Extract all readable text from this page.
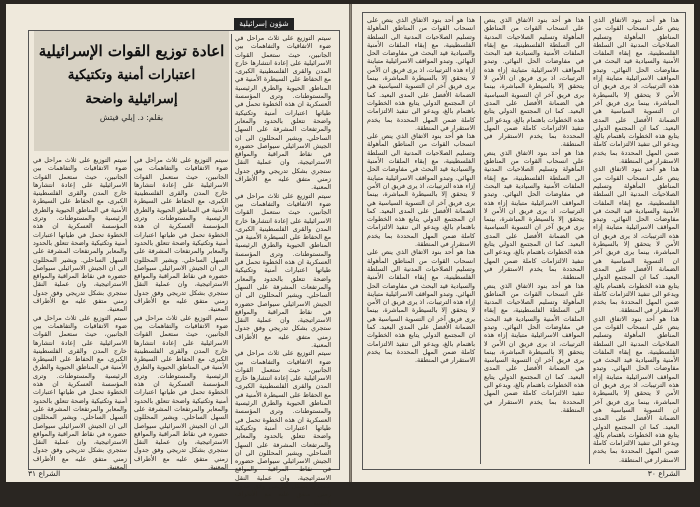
شؤون إسرائيلية
اعادة توزيع القوات الإسرائيلية
اعتبارات أمنية وتكتيكية
إسرائيلية واضحة
بقلم: د. إيلي فيتش

سيتم التوزيع على ثلاث مراحل في ضوء الاتفاقيات والتفاهمات بين الجانبين، حيث ستعمل القوات الاسرائيلية على إعادة انتشارها خارج المدن والقرى الفلسطينية الكبرى، مع الحفاظ على السيطرة الأمنية في المناطق الحيوية والطرق الرئيسية والمستوطنات. وترى المؤسسة العسكرية ان هذه الخطوة تحمل في طياتها اعتبارات أمنية وتكتيكية واضحة تتعلق بالحدود والمعابر والمرتفعات المشرفة على السهل الساحلي. ويشير المحللون الى ان الجيش الاسرائيلي سيواصل حضوره في نقاط المراقبة والمواقع الاستراتيجية، وان عملية النقل ستجري بشكل تدريجي وفق جدول زمني متفق عليه مع الأطراف المعنية.

سيتم التوزيع على ثلاث مراحل في ضوء الاتفاقيات والتفاهمات بين الجانبين، حيث ستعمل القوات الاسرائيلية على إعادة انتشارها خارج المدن والقرى الفلسطينية الكبرى، مع الحفاظ على السيطرة الأمنية في المناطق الحيوية والطرق الرئيسية والمستوطنات. وترى المؤسسة العسكرية ان هذه الخطوة تحمل في طياتها اعتبارات أمنية وتكتيكية واضحة تتعلق بالحدود والمعابر والمرتفعات المشرفة على السهل الساحلي. ويشير المحللون الى ان الجيش الاسرائيلي سيواصل حضوره في نقاط المراقبة والمواقع الاستراتيجية، وان عملية النقل ستجري بشكل تدريجي وفق جدول زمني متفق عليه مع الأطراف المعنية.

سيتم التوزيع على ثلاث مراحل في ضوء الاتفاقيات والتفاهمات بين الجانبين، حيث ستعمل القوات الاسرائيلية على إعادة انتشارها خارج المدن والقرى الفلسطينية الكبرى، مع الحفاظ على السيطرة الأمنية في المناطق الحيوية والطرق الرئيسية والمستوطنات. وترى المؤسسة العسكرية ان هذه الخطوة تحمل في طياتها اعتبارات أمنية وتكتيكية واضحة تتعلق بالحدود والمعابر والمرتفعات المشرفة على السهل الساحلي. ويشير المحللون الى ان الجيش الاسرائيلي سيواصل حضوره في نقاط المراقبة والمواقع الاستراتيجية، وان عملية النقل ستجري بشكل تدريجي وفق جدول زمني متفق عليه مع الأطراف المعنية.

سيتم التوزيع على ثلاث مراحل في ضوء الاتفاقيات والتفاهمات بين الجانبين، حيث ستعمل القوات الاسرائيلية على إعادة انتشارها خارج المدن والقرى الفلسطينية الكبرى، مع الحفاظ على السيطرة الأمنية في المناطق الحيوية والطرق الرئيسية والمستوطنات. وترى المؤسسة العسكرية ان هذه الخطوة تحمل في طياتها اعتبارات أمنية وتكتيكية واضحة تتعلق بالحدود والمعابر والمرتفعات المشرفة على السهل الساحلي. ويشير المحللون الى ان الجيش الاسرائيلي سيواصل حضوره في نقاط المراقبة والمواقع الاستراتيجية، وان عملية النقل ستجري بشكل تدريجي وفق جدول زمني متفق عليه مع الأطراف المعنية.

سيتم التوزيع على ثلاث مراحل في ضوء الاتفاقيات والتفاهمات بين الجانبين، حيث ستعمل القوات الاسرائيلية على إعادة انتشارها خارج المدن والقرى الفلسطينية الكبرى، مع الحفاظ على السيطرة الأمنية في المناطق الحيوية والطرق الرئيسية والمستوطنات. وترى المؤسسة العسكرية ان هذه الخطوة تحمل في طياتها اعتبارات أمنية وتكتيكية واضحة تتعلق بالحدود والمعابر والمرتفعات المشرفة على السهل الساحلي. ويشير المحللون الى ان الجيش الاسرائيلي سيواصل حضوره في نقاط المراقبة والمواقع الاستراتيجية، وان عملية النقل ستجري بشكل تدريجي وفق جدول زمني متفق عليه مع الأطراف المعنية.

سيتم التوزيع على ثلاث مراحل في ضوء الاتفاقيات والتفاهمات بين الجانبين، حيث ستعمل القوات الاسرائيلية على إعادة انتشارها خارج المدن والقرى الفلسطينية الكبرى، مع الحفاظ على السيطرة الأمنية في المناطق الحيوية والطرق الرئيسية والمستوطنات. وترى المؤسسة العسكرية ان هذه الخطوة تحمل في طياتها اعتبارات أمنية وتكتيكية واضحة تتعلق بالحدود والمعابر والمرتفعات المشرفة على السهل الساحلي. ويشير المحللون الى ان الجيش الاسرائيلي سيواصل حضوره في نقاط المراقبة والمواقع الاستراتيجية، وان عملية النقل ستجري بشكل تدريجي وفق جدول زمني متفق عليه مع الأطراف المعنية.

سيتم التوزيع على ثلاث مراحل في ضوء الاتفاقيات والتفاهمات بين الجانبين، حيث ستعمل القوات الاسرائيلية على إعادة انتشارها خارج المدن والقرى الفلسطينية الكبرى، مع الحفاظ على السيطرة الأمنية في المناطق الحيوية والطرق الرئيسية والمستوطنات. وترى المؤسسة العسكرية ان هذه الخطوة تحمل في طياتها اعتبارات أمنية وتكتيكية واضحة تتعلق بالحدود والمعابر والمرتفعات المشرفة على السهل الساحلي. ويشير المحللون الى ان الجيش الاسرائيلي سيواصل حضوره في نقاط المراقبة والمواقع الاستراتيجية، وان عملية النقل ستجري بشكل تدريجي وفق جدول زمني متفق عليه مع الأطراف المعنية.

الشراع ٣١

هذا هو أحد بنود الاتفاق الذي ينص على انسحاب القوات من المناطق المأهولة وتسليم الصلاحيات المدنية الى السلطة الفلسطينية، مع إبقاء الملفات الأمنية والسيادية قيد البحث في مفاوضات الحل النهائي. وتبدو المواقف الاسرائيلية متباينة إزاء هذه الترتيبات، اذ يرى فريق ان الأمن لا يتحقق إلا بالسيطرة المباشرة، بينما يرى فريق آخر ان التسوية السياسية هي الضمانة الأفضل على المدى البعيد. كما ان المجتمع الدولي يتابع هذه الخطوات باهتمام بالغ، ويدعو الى تنفيذ الالتزامات كاملة ضمن المهل المحددة بما يخدم الاستقرار في المنطقة.

هذا هو أحد بنود الاتفاق الذي ينص على انسحاب القوات من المناطق المأهولة وتسليم الصلاحيات المدنية الى السلطة الفلسطينية، مع إبقاء الملفات الأمنية والسيادية قيد البحث في مفاوضات الحل النهائي. وتبدو المواقف الاسرائيلية متباينة إزاء هذه الترتيبات، اذ يرى فريق ان الأمن لا يتحقق إلا بالسيطرة المباشرة، بينما يرى فريق آخر ان التسوية السياسية هي الضمانة الأفضل على المدى البعيد. كما ان المجتمع الدولي يتابع هذه الخطوات باهتمام بالغ، ويدعو الى تنفيذ الالتزامات كاملة ضمن المهل المحددة بما يخدم الاستقرار في المنطقة.

هذا هو أحد بنود الاتفاق الذي ينص على انسحاب القوات من المناطق المأهولة وتسليم الصلاحيات المدنية الى السلطة الفلسطينية، مع إبقاء الملفات الأمنية والسيادية قيد البحث في مفاوضات الحل النهائي. وتبدو المواقف الاسرائيلية متباينة إزاء هذه الترتيبات، اذ يرى فريق ان الأمن لا يتحقق إلا بالسيطرة المباشرة، بينما يرى فريق آخر ان التسوية السياسية هي الضمانة الأفضل على المدى البعيد. كما ان المجتمع الدولي يتابع هذه الخطوات باهتمام بالغ، ويدعو الى تنفيذ الالتزامات كاملة ضمن المهل المحددة بما يخدم الاستقرار في المنطقة.

هذا هو أحد بنود الاتفاق الذي ينص على انسحاب القوات من المناطق المأهولة وتسليم الصلاحيات المدنية الى السلطة الفلسطينية، مع إبقاء الملفات الأمنية والسيادية قيد البحث في مفاوضات الحل النهائي. وتبدو المواقف الاسرائيلية متباينة إزاء هذه الترتيبات، اذ يرى فريق ان الأمن لا يتحقق إلا بالسيطرة المباشرة، بينما يرى فريق آخر ان التسوية السياسية هي الضمانة الأفضل على المدى البعيد. كما ان المجتمع الدولي يتابع هذه الخطوات باهتمام بالغ، ويدعو الى تنفيذ الالتزامات كاملة ضمن المهل المحددة بما يخدم الاستقرار في المنطقة.

هذا هو أحد بنود الاتفاق الذي ينص على انسحاب القوات من المناطق المأهولة وتسليم الصلاحيات المدنية الى السلطة الفلسطينية، مع إبقاء الملفات الأمنية والسيادية قيد البحث في مفاوضات الحل النهائي. وتبدو المواقف الاسرائيلية متباينة إزاء هذه الترتيبات، اذ يرى فريق ان الأمن لا يتحقق إلا بالسيطرة المباشرة، بينما يرى فريق آخر ان التسوية السياسية هي الضمانة الأفضل على المدى البعيد. كما ان المجتمع الدولي يتابع هذه الخطوات باهتمام بالغ، ويدعو الى تنفيذ الالتزامات كاملة ضمن المهل المحددة بما يخدم الاستقرار في المنطقة.

هذا هو أحد بنود الاتفاق الذي ينص على انسحاب القوات من المناطق المأهولة وتسليم الصلاحيات المدنية الى السلطة الفلسطينية، مع إبقاء الملفات الأمنية والسيادية قيد البحث في مفاوضات الحل النهائي. وتبدو المواقف الاسرائيلية متباينة إزاء هذه الترتيبات، اذ يرى فريق ان الأمن لا يتحقق إلا بالسيطرة المباشرة، بينما يرى فريق آخر ان التسوية السياسية هي الضمانة الأفضل على المدى البعيد. كما ان المجتمع الدولي يتابع هذه الخطوات باهتمام بالغ، ويدعو الى تنفيذ الالتزامات كاملة ضمن المهل المحددة بما يخدم الاستقرار في المنطقة.

هذا هو أحد بنود الاتفاق الذي ينص على انسحاب القوات من المناطق المأهولة وتسليم الصلاحيات المدنية الى السلطة الفلسطينية، مع إبقاء الملفات الأمنية والسيادية قيد البحث في مفاوضات الحل النهائي. وتبدو المواقف الاسرائيلية متباينة إزاء هذه الترتيبات، اذ يرى فريق ان الأمن لا يتحقق إلا بالسيطرة المباشرة، بينما يرى فريق آخر ان التسوية السياسية هي الضمانة الأفضل على المدى البعيد. كما ان المجتمع الدولي يتابع هذه الخطوات باهتمام بالغ، ويدعو الى تنفيذ الالتزامات كاملة ضمن المهل المحددة بما يخدم الاستقرار في المنطقة.

هذا هو أحد بنود الاتفاق الذي ينص على انسحاب القوات من المناطق المأهولة وتسليم الصلاحيات المدنية الى السلطة الفلسطينية، مع إبقاء الملفات الأمنية والسيادية قيد البحث في مفاوضات الحل النهائي. وتبدو المواقف الاسرائيلية متباينة إزاء هذه الترتيبات، اذ يرى فريق ان الأمن لا يتحقق إلا بالسيطرة المباشرة، بينما يرى فريق آخر ان التسوية السياسية هي الضمانة الأفضل على المدى البعيد. كما ان المجتمع الدولي يتابع هذه الخطوات باهتمام بالغ، ويدعو الى تنفيذ الالتزامات كاملة ضمن المهل المحددة بما يخدم الاستقرار في المنطقة.

هذا هو أحد بنود الاتفاق الذي ينص على انسحاب القوات من المناطق المأهولة وتسليم الصلاحيات المدنية الى السلطة الفلسطينية، مع إبقاء الملفات الأمنية والسيادية قيد البحث في مفاوضات الحل النهائي. وتبدو المواقف الاسرائيلية متباينة إزاء هذه الترتيبات، اذ يرى فريق ان الأمن لا يتحقق إلا بالسيطرة المباشرة، بينما يرى فريق آخر ان التسوية السياسية هي الضمانة الأفضل على المدى البعيد. كما ان المجتمع الدولي يتابع هذه الخطوات باهتمام بالغ، ويدعو الى تنفيذ الالتزامات كاملة ضمن المهل المحددة بما يخدم الاستقرار في المنطقة.

الشراع ٣٠
